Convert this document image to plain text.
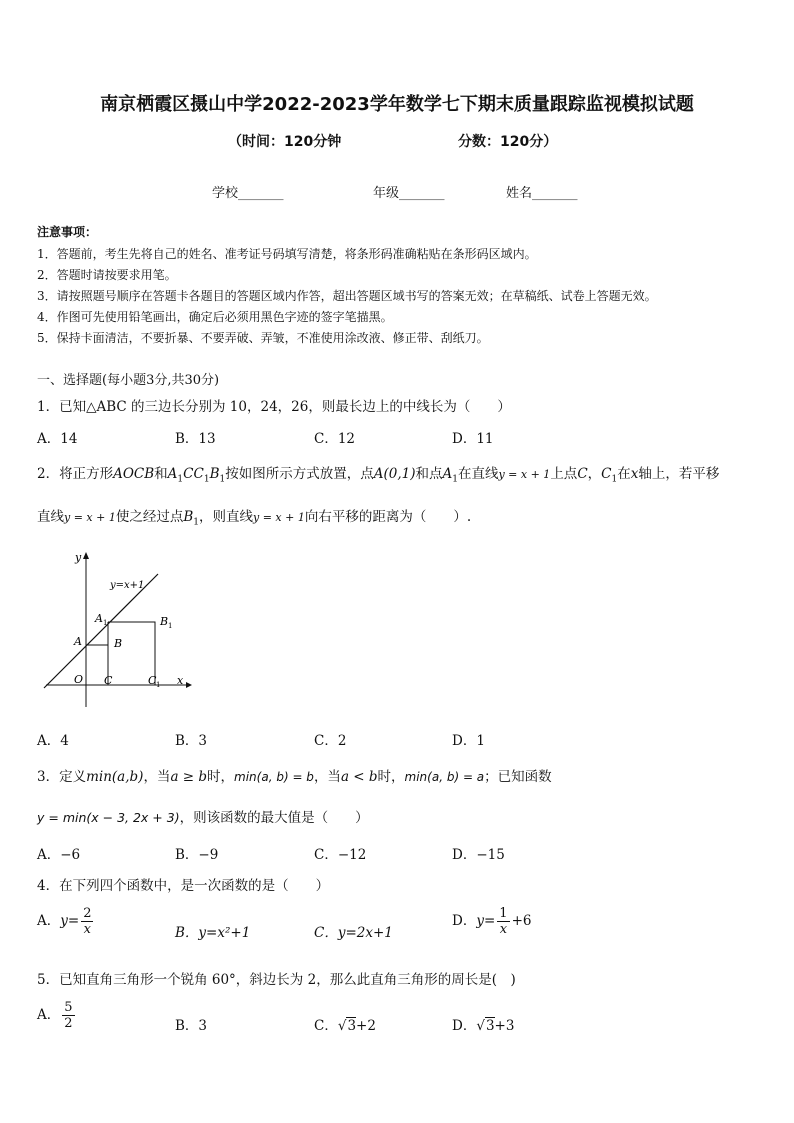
南京栖霞区摄山中学2022-2023学年数学七下期末质量跟踪监视模拟试题
（时间：120分钟	分数：120分）
学校_______	年级_______	姓名_______
注意事项：
1．答题前，考生先将自己的姓名、准考证号码填写清楚，将条形码准确粘贴在条形码区域内。
2．答题时请按要求用笔。
3．请按照题号顺序在答题卡各题目的答题区域内作答，超出答题区域书写的答案无效；在草稿纸、试卷上答题无效。
4．作图可先使用铅笔画出，确定后必须用黑色字迹的签字笔描黑。
5．保持卡面清洁，不要折暴、不要弄破、弄皱，不准使用涂改液、修正带、刮纸刀。
一、选择题(每小题3分,共30分)
1．已知△ABC 的三边长分别为 10，24，26，则最长边上的中线长为（　　）
A．14	B．13	C．12	D．11
2．将正方形AOCB和$A_1CC_1B_1$按如图所示方式放置，点A(0,1)和点$A_1$在直线y = x + 1上点C，$C_1$在x轴上，若平移
直线y = x + 1使之经过点$B_1$，则直线y = x + 1向右平移的距离为（　　）.
y=x+1
y
x
A 1	B 1
A	B
O C	C 1
A．4	B．3	C．2	D．1
3．定义min(a,b)，当a ≥ b时，min(a, b) = b，当a < b时，min(a, b) = a；已知函数
y = min(x − 3, 2x + 3)，则该函数的最大值是（　　）
A．−6	B．−9	C．−12	D．−15
4．在下列四个函数中，是一次函数的是（　　）
A．$y= \frac{2}{x}$	B．y=x²+1	C．y=2x+1
D．$y= \frac{1}{x} +6$
5．已知直角三角形一个锐角 60°，斜边长为 2，那么此直角三角形的周长是(　)
A． $\frac{5}{2}$	B．3	C．√3+2	D．√3+3
